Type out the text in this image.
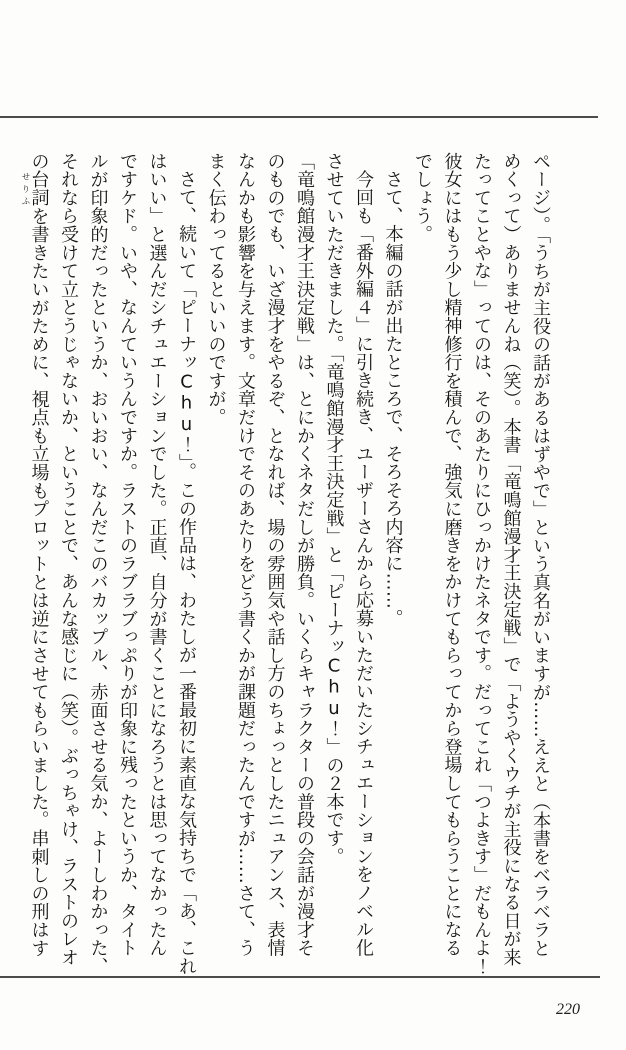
ページ）。「うちが主役の話があるはずやで」という真名がいますが……ええと（本書をベラベラと
めくって）ありませんね（笑）。本書「竜鳴館漫才王決定戦」で「ようやくウチが主役になる日が来
たってことやな」ってのは、そのあたりにひっかけたネタです。だってこれ「つよきす」だもんよ！
彼女にはもう少し精神修行を積んで、強気に磨きをかけてもらってから登場してもらうことになる
でしょう。
さて、本編の話が出たところで、そろそろ内容に……。
今回も「番外編４」に引き続き、ユーザーさんから応募いただいたシチュエーションをノベル化
させていただきました。「竜鳴館漫才王決定戦」と「ピーナッChu！」の２本です。
「竜鳴館漫才王決定戦」は、とにかくネタだしが勝負。いくらキャラクターの普段の会話が漫才そ
のものでも、いざ漫才をやるぞ、となれば、場の雰囲気や話し方のちょっとしたニュアンス、表情
なんかも影響を与えます。文章だけでそのあたりをどう書くかが課題だったんですが……さて、う
まく伝わってるといいのですが。
さて、続いて「ピーナッChu！」。この作品は、わたしが一番最初に素直な気持ちで「あ、これ
はいい」と選んだシチュエーションでした。正直、自分が書くことになろうとは思ってなかったん
ですケド。いや、なんていうんですか。ラストのラブラブっぷりが印象に残ったというか、タイト
ルが印象的だったというか、おいおい、なんだこのバカップル、赤面させる気か、よーしわかった、
それなら受けて立とうじゃないか、ということで、あんな感じに（笑）。ぶっちゃけ、ラストのレオ
の台詞せりふを書きたいがために、視点も立場もプロットとは逆にさせてもらいました。串刺しの刑はす
220
